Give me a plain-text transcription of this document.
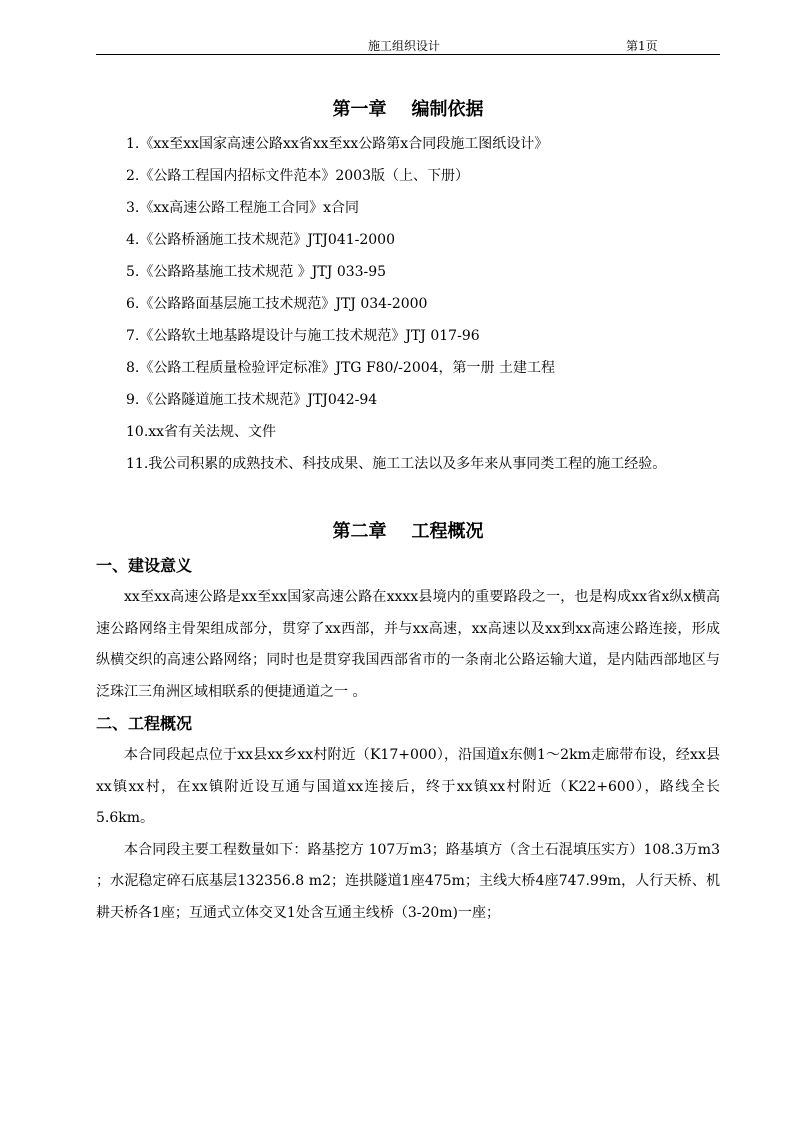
施工组织设计	第1页
第一章    编制依据
1.《xx至xx国家高速公路xx省xx至xx公路第x合同段施工图纸设计》
2.《公路工程国内招标文件范本》2003版（上、下册）
3.《xx高速公路工程施工合同》x合同
4.《公路桥涵施工技术规范》JTJ041-2000
5.《公路路基施工技术规范 》JTJ 033-95
6.《公路路面基层施工技术规范》JTJ 034-2000
7.《公路软土地基路堤设计与施工技术规范》JTJ 017-96
8.《公路工程质量检验评定标准》JTG F80/-2004，第一册 土建工程
9.《公路隧道施工技术规范》JTJ042-94
10.xx省有关法规、文件
11.我公司积累的成熟技术、科技成果、施工工法以及多年来从事同类工程的施工经验。
第二章    工程概况
一、建设意义

xx至xx高速公路是xx至xx国家高速公路在xxxx县境内的重要路段之一，也是构成xx省x纵x横高速公路网络主骨架组成部分，贯穿了xx西部，并与xx高速，xx高速以及xx到xx高速公路连接，形成纵横交织的高速公路网络；同时也是贯穿我国西部省市的一条南北公路运输大道，是内陆西部地区与泛珠江三角洲区域相联系的便捷通道之一 。

二、工程概况

本合同段起点位于xx县xx乡xx村附近（K17+000），沿国道x东侧1～2km走廊带布设，经xx县xx镇xx村，在xx镇附近设互通与国道xx连接后，终于xx镇xx村附近（K22+600），路线全长5.6km。

本合同段主要工程数量如下：路基挖方 107万m3；路基填方（含土石混填压实方）108.3万m3 ；水泥稳定碎石底基层132356.8 m2；连拱隧道1座475m；主线大桥4座747.99m，人行天桥、机耕天桥各1座；互通式立体交叉1处含互通主线桥（3-20m)一座；
